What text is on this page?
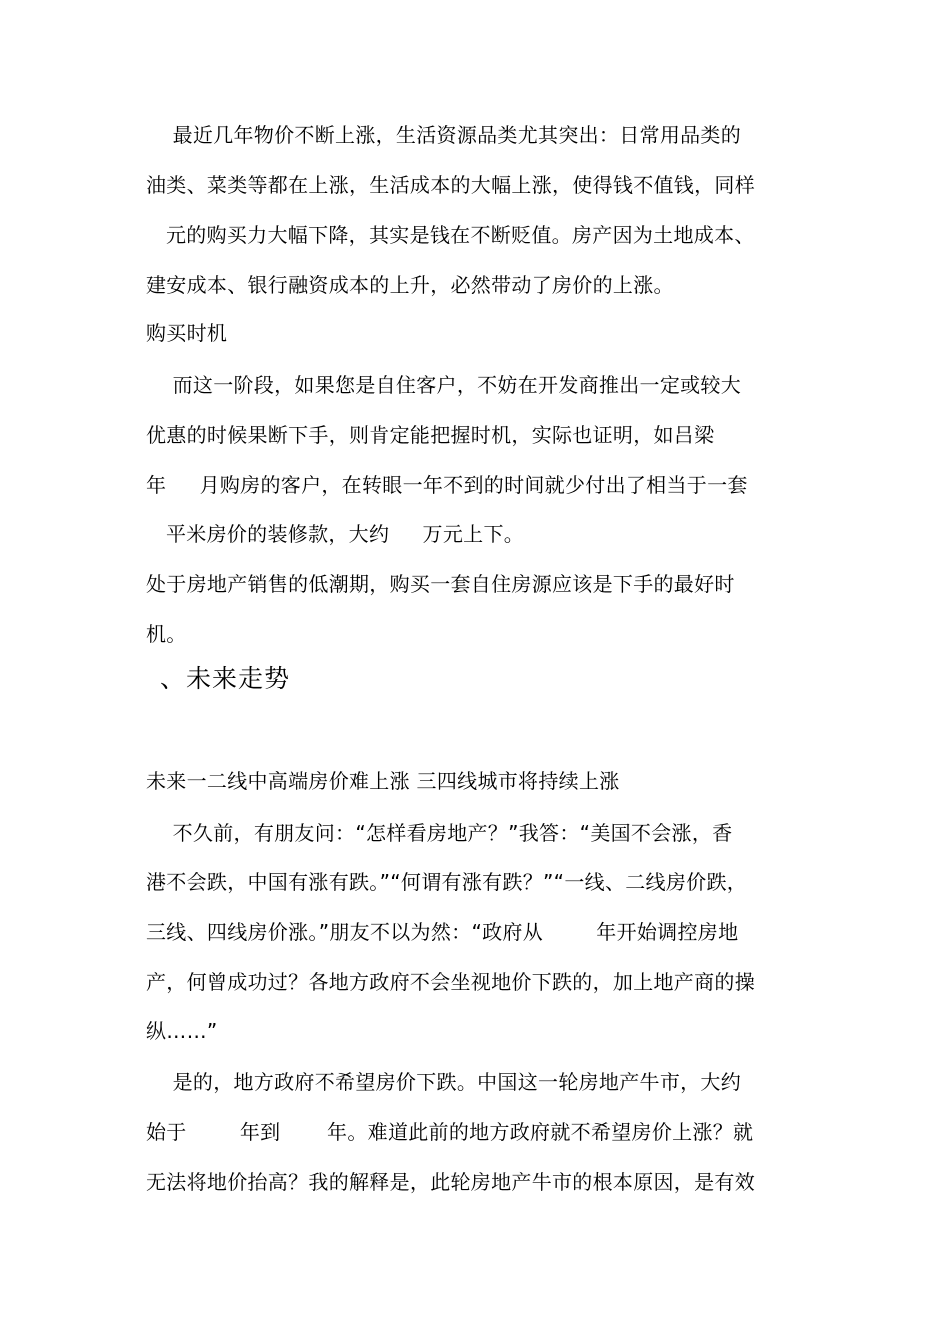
最近几年物价不断上涨，生活资源品类尤其突出：日常用品类的
油类、菜类等都在上涨，生活成本的大幅上涨，使得钱不值钱，同样
元的购买力大幅下降，其实是钱在不断贬值。房产因为土地成本、
建安成本、银行融资成本的上升，必然带动了房价的上涨。
购买时机
而这一阶段，如果您是自住客户，不妨在开发商推出一定或较大
优惠的时候果断下手，则肯定能把握时机，实际也证明，如吕梁
年     月购房的客户，在转眼一年不到的时间就少付出了相当于一套
平米房价的装修款，大约     万元上下。
处于房地产销售的低潮期，购买一套自住房源应该是下手的最好时
机。
、未来走势
未来一二线中高端房价难上涨 三四线城市将持续上涨
不久前，有朋友问：“怎样看房地产？”我答：“美国不会涨，香
港不会跌，中国有涨有跌。”“何谓有涨有跌？”“一线、二线房价跌，
三线、四线房价涨。”朋友不以为然：“政府从        年开始调控房地
产，何曾成功过？各地方政府不会坐视地价下跌的，加上地产商的操
纵……”
是的，地方政府不希望房价下跌。中国这一轮房地产牛市，大约
始于        年到       年。难道此前的地方政府就不希望房价上涨？就
无法将地价抬高？我的解释是，此轮房地产牛市的根本原因，是有效
